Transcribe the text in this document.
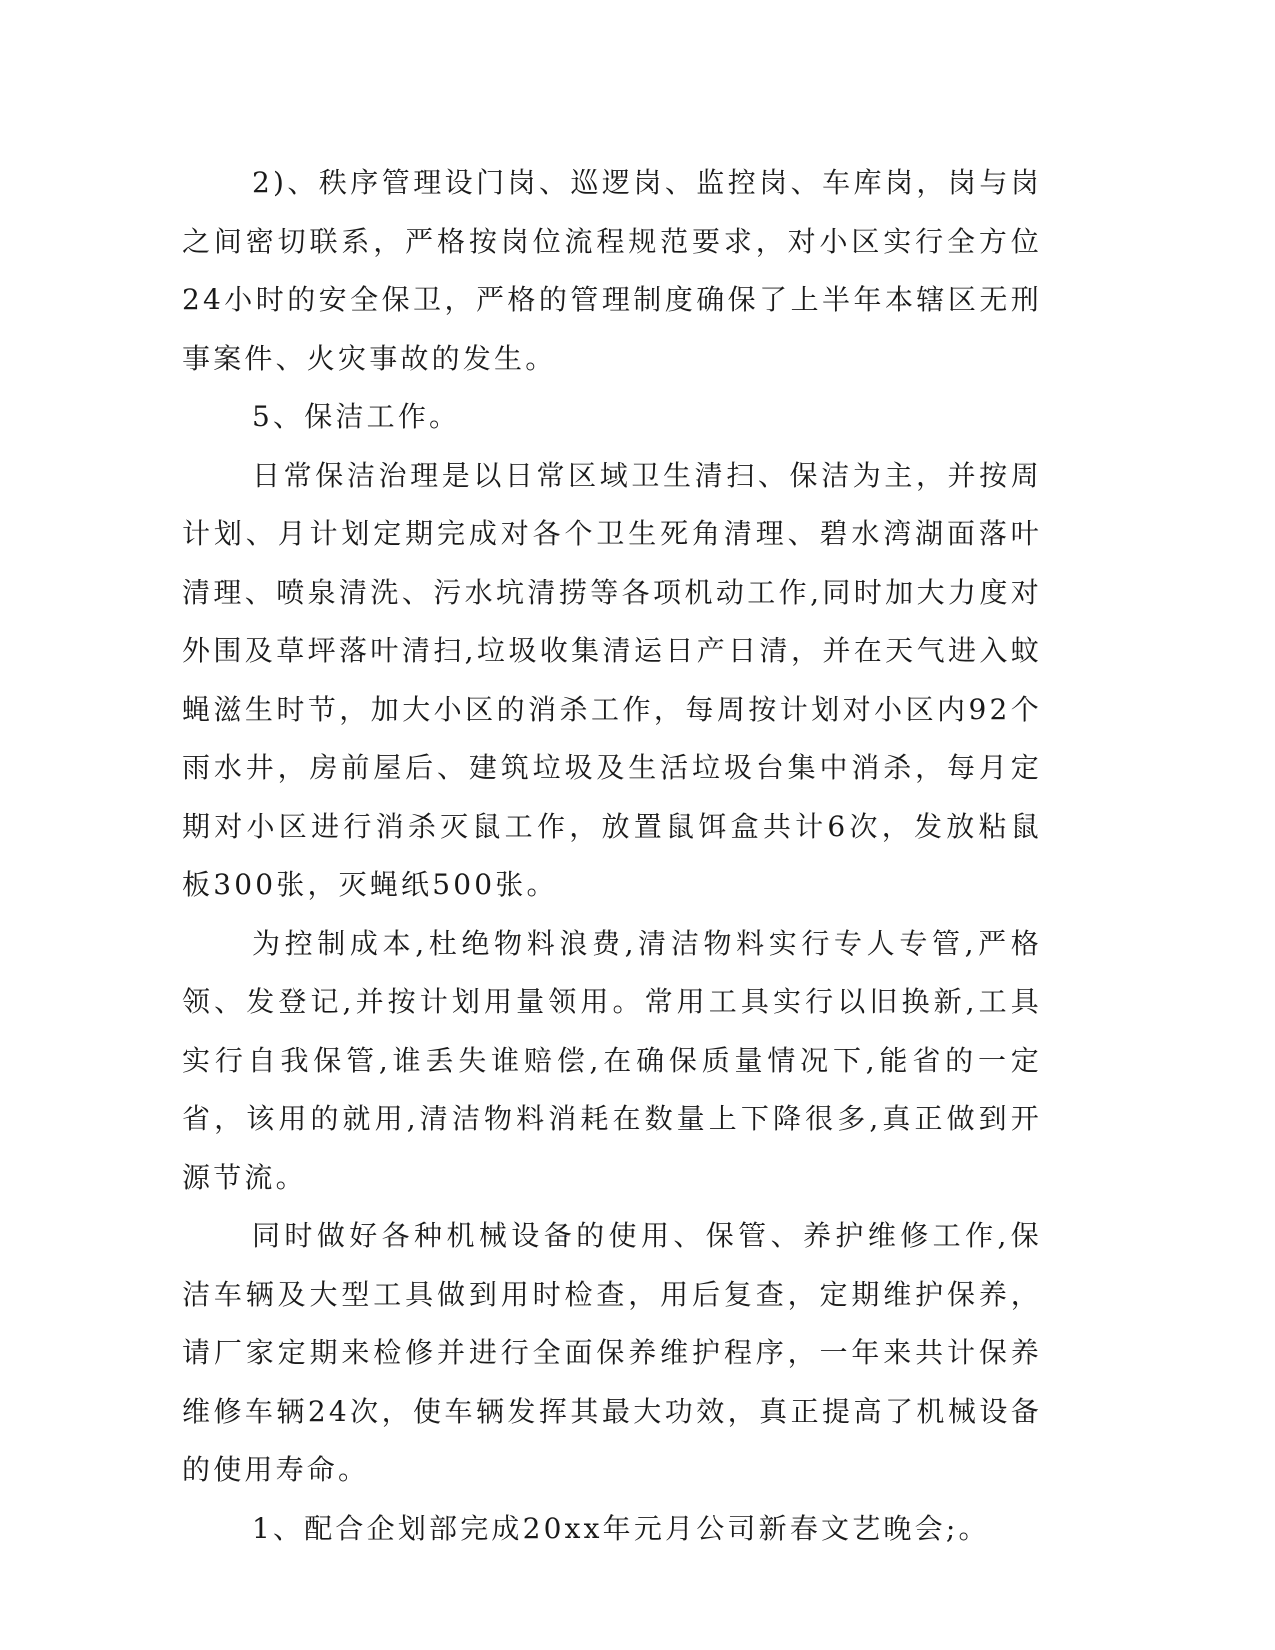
2)、秩序管理设门岗、巡逻岗、监控岗、车库岗，岗与岗之间密切联系，严格按岗位流程规范要求，对小区实行全方位24小时的安全保卫，严格的管理制度确保了上半年本辖区无刑事案件、火灾事故的发生。

5、保洁工作。

日常保洁治理是以日常区域卫生清扫、保洁为主，并按周计划、月计划定期完成对各个卫生死角清理、碧水湾湖面落叶清理、喷泉清洗、污水坑清捞等各项机动工作,同时加大力度对外围及草坪落叶清扫,垃圾收集清运日产日清，并在天气进入蚊蝇滋生时节，加大小区的消杀工作，每周按计划对小区内92个雨水井，房前屋后、建筑垃圾及生活垃圾台集中消杀，每月定期对小区进行消杀灭鼠工作，放置鼠饵盒共计6次，发放粘鼠板300张，灭蝇纸500张。

为控制成本,杜绝物料浪费,清洁物料实行专人专管,严格领、发登记,并按计划用量领用。常用工具实行以旧换新,工具实行自我保管,谁丢失谁赔偿,在确保质量情况下,能省的一定省，该用的就用,清洁物料消耗在数量上下降很多,真正做到开源节流。

同时做好各种机械设备的使用、保管、养护维修工作,保洁车辆及大型工具做到用时检查，用后复查，定期维护保养，请厂家定期来检修并进行全面保养维护程序，一年来共计保养维修车辆24次，使车辆发挥其最大功效，真正提高了机械设备的使用寿命。

1、配合企划部完成20xx年元月公司新春文艺晚会;。
